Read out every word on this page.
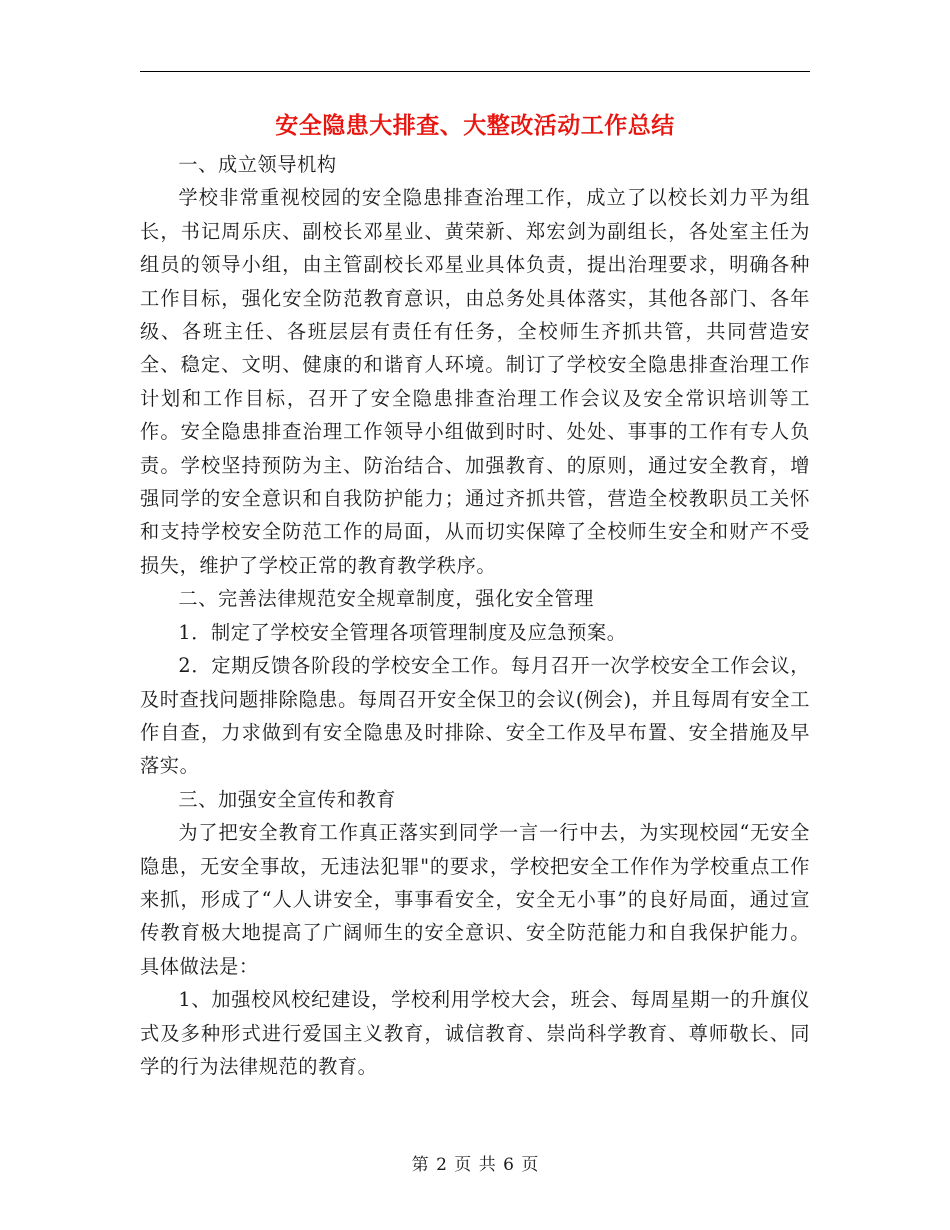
安全隐患大排查、大整改活动工作总结

一、成立领导机构

学校非常重视校园的安全隐患排查治理工作，成立了以校长刘力平为组长，书记周乐庆、副校长邓星业、黄荣新、郑宏剑为副组长，各处室主任为组员的领导小组，由主管副校长邓星业具体负责，提出治理要求，明确各种工作目标，强化安全防范教育意识，由总务处具体落实，其他各部门、各年级、各班主任、各班层层有责任有任务，全校师生齐抓共管，共同营造安全、稳定、文明、健康的和谐育人环境。制订了学校安全隐患排查治理工作计划和工作目标，召开了安全隐患排查治理工作会议及安全常识培训等工作。安全隐患排查治理工作领导小组做到时时、处处、事事的工作有专人负责。学校坚持预防为主、防治结合、加强教育、的原则，通过安全教育，增强同学的安全意识和自我防护能力；通过齐抓共管，营造全校教职员工关怀和支持学校安全防范工作的局面，从而切实保障了全校师生安全和财产不受损失，维护了学校正常的教育教学秩序。

二、完善法律规范安全规章制度，强化安全管理

1．制定了学校安全管理各项管理制度及应急预案。

2．定期反馈各阶段的学校安全工作。每月召开一次学校安全工作会议，及时查找问题排除隐患。每周召开安全保卫的会议(例会)，并且每周有安全工作自查，力求做到有安全隐患及时排除、安全工作及早布置、安全措施及早落实。

三、加强安全宣传和教育

为了把安全教育工作真正落实到同学一言一行中去，为实现校园“无安全隐患，无安全事故，无违法犯罪"的要求，学校把安全工作作为学校重点工作来抓，形成了“人人讲安全，事事看安全，安全无小事”的良好局面，通过宣传教育极大地提高了广阔师生的安全意识、安全防范能力和自我保护能力。具体做法是：

1、加强校风校纪建设，学校利用学校大会，班会、每周星期一的升旗仪式及多种形式进行爱国主义教育，诚信教育、崇尚科学教育、尊师敬长、同学的行为法律规范的教育。

第 2 页 共 6 页
